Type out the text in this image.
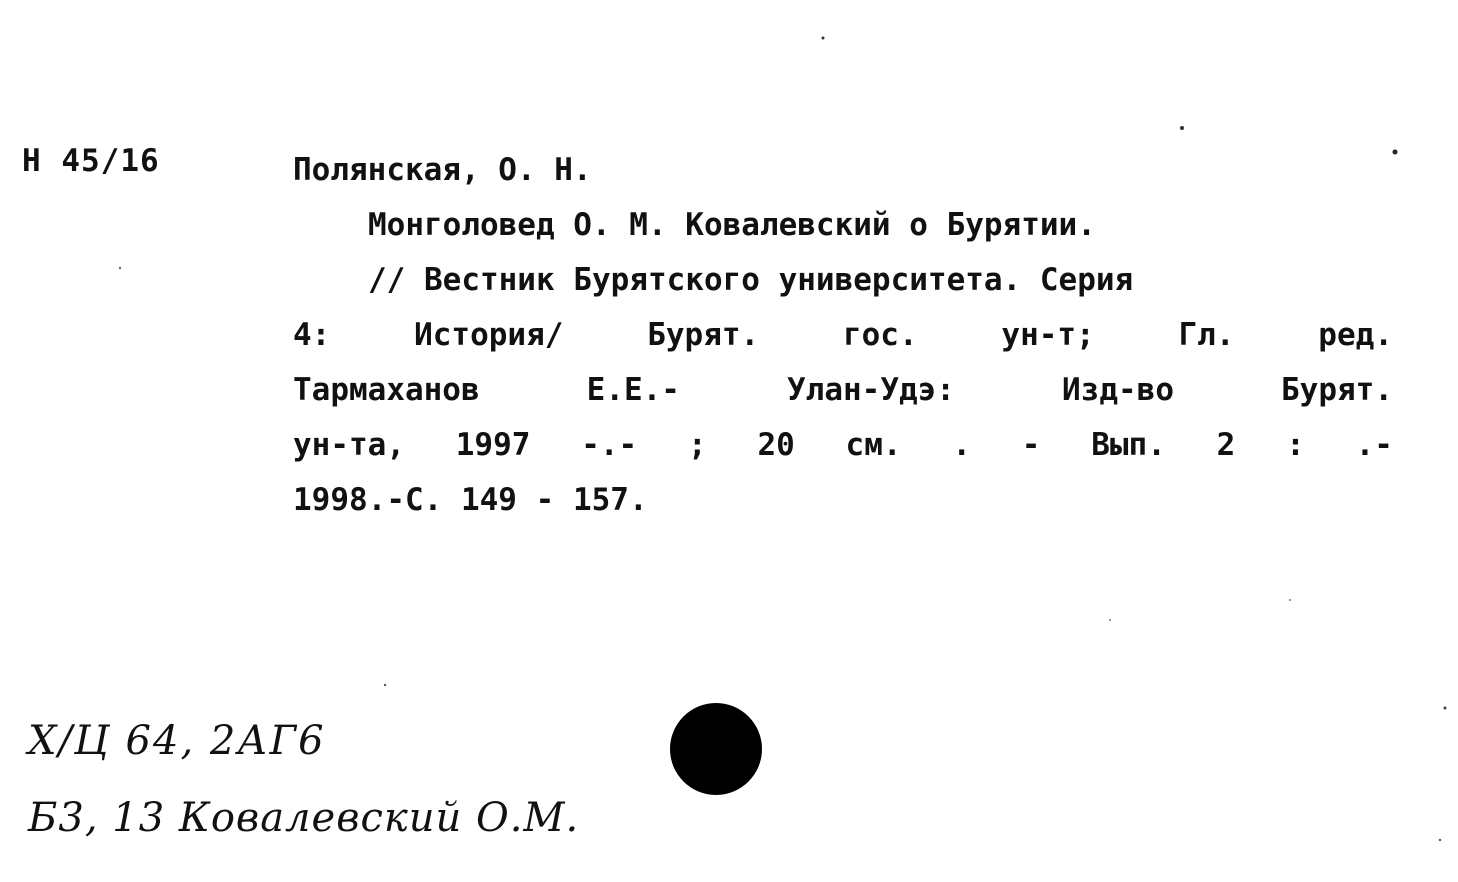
Н 45/16	Полянская, О. Н.
Монголовед О. М. Ковалевский о Бурятии.
// Вестник Бурятского университета. Серия
4:	История/	Бурят.	гос.	ун-т;	Гл.	ред.
Тармаханов	Е.Е.-	Улан-Удэ:	Изд-во	Бурят.
ун-та, 1997 -.- ; 20 см. . - Вып. 2 : .-
1998.-С. 149 - 157.
Х/Ц 64, 2АГ6
Б3, 13 Ковалевский О.М.
